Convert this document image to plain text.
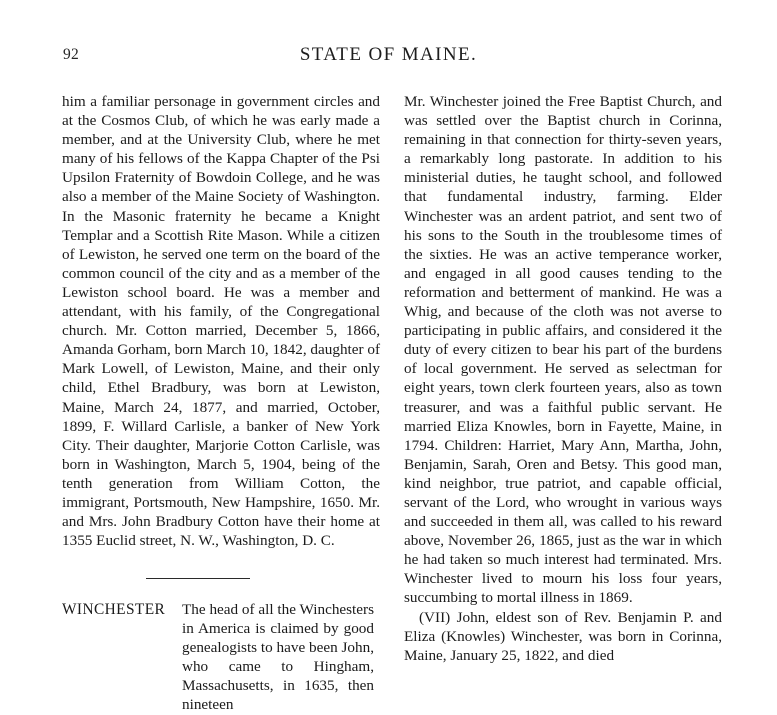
92	STATE OF MAINE.

him a familiar personage in government circles and at the Cosmos Club, of which he was early made a member, and at the University Club, where he met many of his fellows of the Kappa Chapter of the Psi Upsilon Fraternity of Bowdoin College, and he was also a member of the Maine Society of Washington. In the Masonic fraternity he became a Knight Templar and a Scottish Rite Mason. While a citizen of Lewiston, he served one term on the board of the common council of the city and as a member of the Lewiston school board. He was a member and attendant, with his family, of the Congregational church. Mr. Cotton married, December 5, 1866, Amanda Gorham, born March 10, 1842, daughter of Mark Lowell, of Lewiston, Maine, and their only child, Ethel Bradbury, was born at Lewiston, Maine, March 24, 1877, and married, October, 1899, F. Willard Carlisle, a banker of New York City. Their daughter, Marjorie Cotton Carlisle, was born in Washington, March 5, 1904, being of the tenth generation from William Cotton, the immigrant, Portsmouth, New Hampshire, 1650. Mr. and Mrs. John Bradbury Cotton have their home at 1355 Euclid street, N. W., Washington, D. C.

Mr. Winchester joined the Free Baptist Church, and was settled over the Baptist church in Corinna, remaining in that connection for thirty-seven years, a remarkably long pastorate. In addition to his ministerial duties, he taught school, and followed that fundamental industry, farming. Elder Winchester was an ardent patriot, and sent two of his sons to the South in the troublesome times of the sixties. He was an active temperance worker, and engaged in all good causes tending to the reformation and betterment of mankind. He was a Whig, and because of the cloth was not averse to participating in public affairs, and considered it the duty of every citizen to bear his part of the burdens of local government. He served as selectman for eight years, town clerk fourteen years, also as town treasurer, and was a faithful public servant. He married Eliza Knowles, born in Fayette, Maine, in 1794. Children: Harriet, Mary Ann, Martha, John, Benjamin, Sarah, Oren and Betsy. This good man, kind neighbor, true patriot, and capable official, servant of the Lord, who wrought in various ways and succeeded in them all, was called to his reward above, November 26, 1865, just as the war in which he had taken so much interest had terminated. Mrs. Winchester lived to mourn his loss four years, succumbing to mortal illness in 1869.

(VII) John, eldest son of Rev. Benjamin P. and Eliza (Knowles) Winchester, was born in Corinna, Maine, January 25, 1822, and died

WINCHESTER The head of all the Winchesters in America is claimed by good genealogists to have been John, who came to Hingham, Massachusetts, in 1635, then nineteen
